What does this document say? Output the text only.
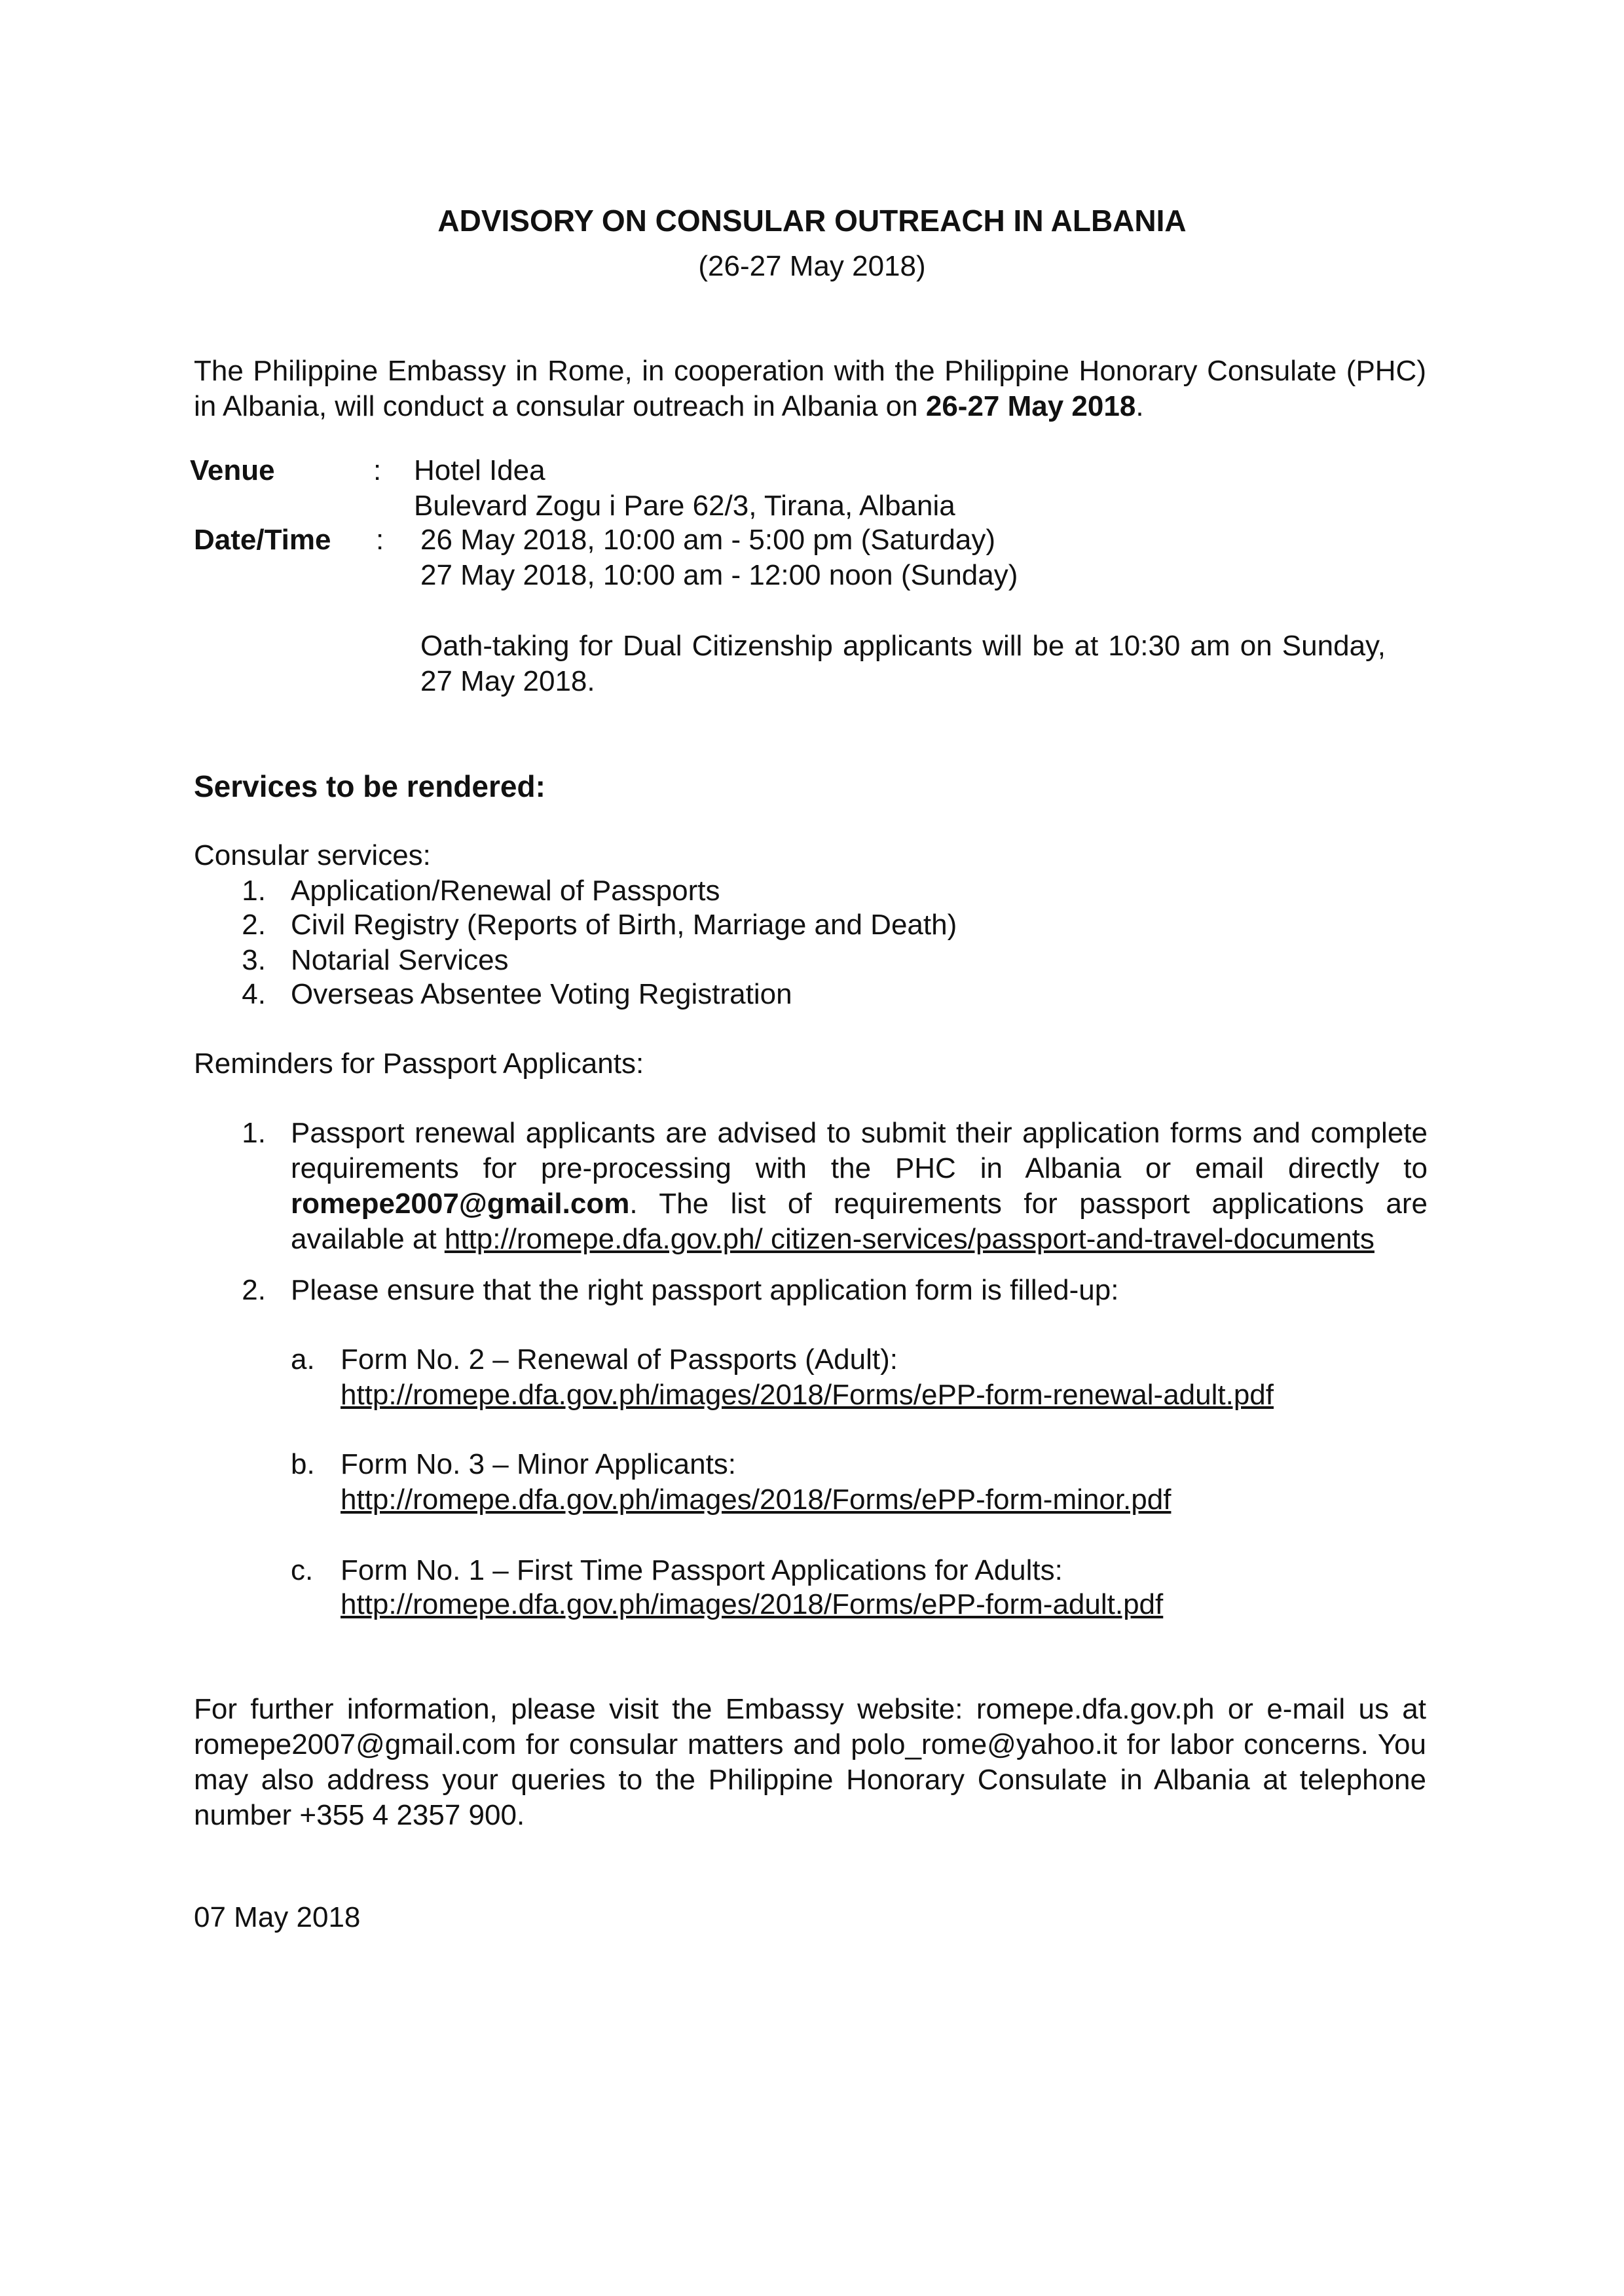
ADVISORY ON CONSULAR OUTREACH IN ALBANIA
(26-27 May 2018)
The Philippine Embassy in Rome, in cooperation with the Philippine Honorary Consulate (PHC) in Albania, will conduct a consular outreach in Albania on 26-27 May 2018.
Venue	: Hotel Idea
Bulevard Zogu i Pare 62/3, Tirana, Albania
Date/Time : 26 May 2018, 10:00 am - 5:00 pm (Saturday)
27 May 2018, 10:00 am - 12:00 noon (Sunday)
Oath-taking for Dual Citizenship applicants will be at 10:30 am on Sunday, 27 May 2018.
Services to be rendered:
Consular services:
1. Application/Renewal of Passports
2. Civil Registry (Reports of Birth, Marriage and Death)
3. Notarial Services
4. Overseas Absentee Voting Registration
Reminders for Passport Applicants:
1. Passport renewal applicants are advised to submit their application forms and complete requirements for pre-processing with the PHC in Albania or email directly to romepe2007@gmail.com. The list of requirements for passport applications are available at http://romepe.dfa.gov.ph/ citizen-services/passport-and-travel-documents
2. Please ensure that the right passport application form is filled-up:
a. Form No. 2 – Renewal of Passports (Adult):
http://romepe.dfa.gov.ph/images/2018/Forms/ePP-form-renewal-adult.pdf
b. Form No. 3 – Minor Applicants:
http://romepe.dfa.gov.ph/images/2018/Forms/ePP-form-minor.pdf
c. Form No. 1 – First Time Passport Applications for Adults:
http://romepe.dfa.gov.ph/images/2018/Forms/ePP-form-adult.pdf
For further information, please visit the Embassy website: romepe.dfa.gov.ph or e-mail us at romepe2007@gmail.com for consular matters and polo_rome@yahoo.it for labor concerns. You may also address your queries to the Philippine Honorary Consulate in Albania at telephone number +355 4 2357 900.
07 May 2018
